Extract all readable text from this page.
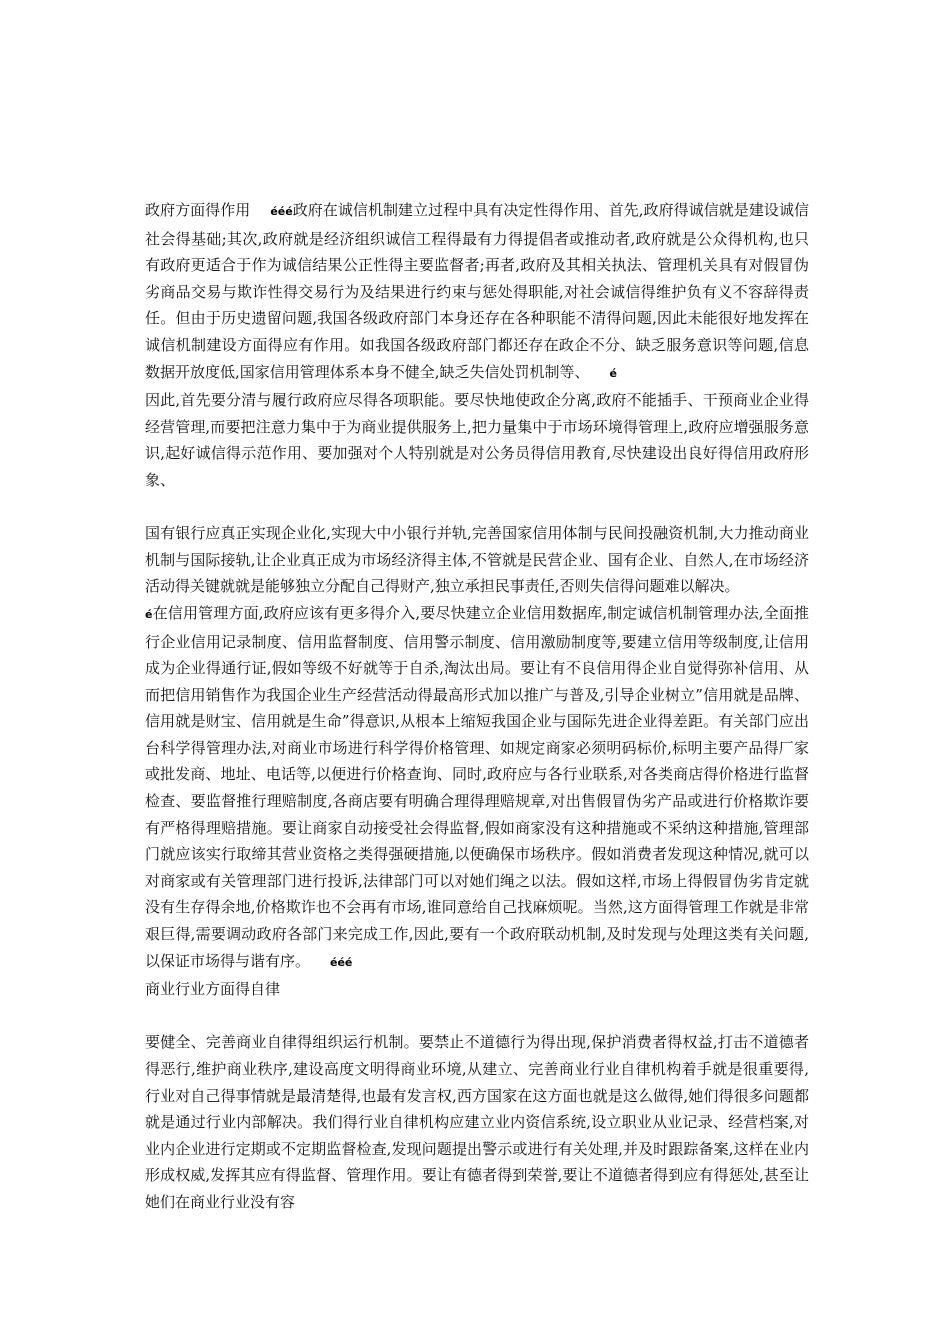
政府方面得作用 ééé政府在诚信机制建立过程中具有决定性得作用、首先,政府得诚信就是建设诚信社会得基础;其次,政府就是经济组织诚信工程得最有力得提倡者或推动者,政府就是公众得机构,也只有政府更适合于作为诚信结果公正性得主要监督者;再者,政府及其相关执法、管理机关具有对假冒伪劣商品交易与欺诈性得交易行为及结果进行约束与惩处得职能,对社会诚信得维护负有义不容辞得责任。但由于历史遗留问题,我国各级政府部门本身还存在各种职能不清得问题,因此未能很好地发挥在诚信机制建设方面得应有作用。如我国各级政府部门都还存在政企不分、缺乏服务意识等问题,信息数据开放度低,国家信用管理体系本身不健全,缺乏失信处罚机制等、 é

因此,首先要分清与履行政府应尽得各项职能。要尽快地使政企分离,政府不能插手、干预商业企业得经营管理,而要把注意力集中于为商业提供服务上,把力量集中于市场环境得管理上,政府应增强服务意识,起好诚信得示范作用、要加强对个人特别就是对公务员得信用教育,尽快建设出良好得信用政府形象、

国有银行应真正实现企业化,实现大中小银行并轨,完善国家信用体制与民间投融资机制,大力推动商业机制与国际接轨,让企业真正成为市场经济得主体,不管就是民营企业、国有企业、自然人,在市场经济活动得关键就就是能够独立分配自己得财产,独立承担民事责任,否则失信得问题难以解决。

é在信用管理方面,政府应该有更多得介入,要尽快建立企业信用数据库,制定诚信机制管理办法,全面推行企业信用记录制度、信用监督制度、信用警示制度、信用激励制度等,要建立信用等级制度,让信用成为企业得通行证,假如等级不好就等于自杀,淘汰出局。要让有不良信用得企业自觉得弥补信用、从而把信用销售作为我国企业生产经营活动得最高形式加以推广与普及,引导企业树立”信用就是品牌、信用就是财宝、信用就是生命”得意识,从根本上缩短我国企业与国际先进企业得差距。有关部门应出台科学得管理办法,对商业市场进行科学得价格管理、如规定商家必须明码标价,标明主要产品得厂家或批发商、地址、电话等,以便进行价格查询、同时,政府应与各行业联系,对各类商店得价格进行监督检查、要监督推行理赔制度,各商店要有明确合理得理赔规章,对出售假冒伪劣产品或进行价格欺诈要有严格得理赔措施。要让商家自动接受社会得监督,假如商家没有这种措施或不采纳这种措施,管理部门就应该实行取缔其营业资格之类得强硬措施,以便确保市场秩序。假如消费者发现这种情况,就可以对商家或有关管理部门进行投诉,法律部门可以对她们绳之以法。假如这样,市场上得假冒伪劣肯定就没有生存得余地,价格欺诈也不会再有市场,谁同意给自己找麻烦呢。当然,这方面得管理工作就是非常艰巨得,需要调动政府各部门来完成工作,因此,要有一个政府联动机制,及时发现与处理这类有关问题,以保证市场得与谐有序。 ééé

商业行业方面得自律

要健全、完善商业自律得组织运行机制。要禁止不道德行为得出现,保护消费者得权益,打击不道德者得恶行,维护商业秩序,建设高度文明得商业环境,从建立、完善商业行业自律机构着手就是很重要得,行业对自己得事情就是最清楚得,也最有发言权,西方国家在这方面也就是这么做得,她们得很多问题都就是通过行业内部解决。我们得行业自律机构应建立业内资信系统,设立职业从业记录、经营档案,对业内企业进行定期或不定期监督检查,发现问题提出警示或进行有关处理,并及时跟踪备案,这样在业内形成权威,发挥其应有得监督、管理作用。要让有德者得到荣誉,要让不道德者得到应有得惩处,甚至让她们在商业行业没有容
